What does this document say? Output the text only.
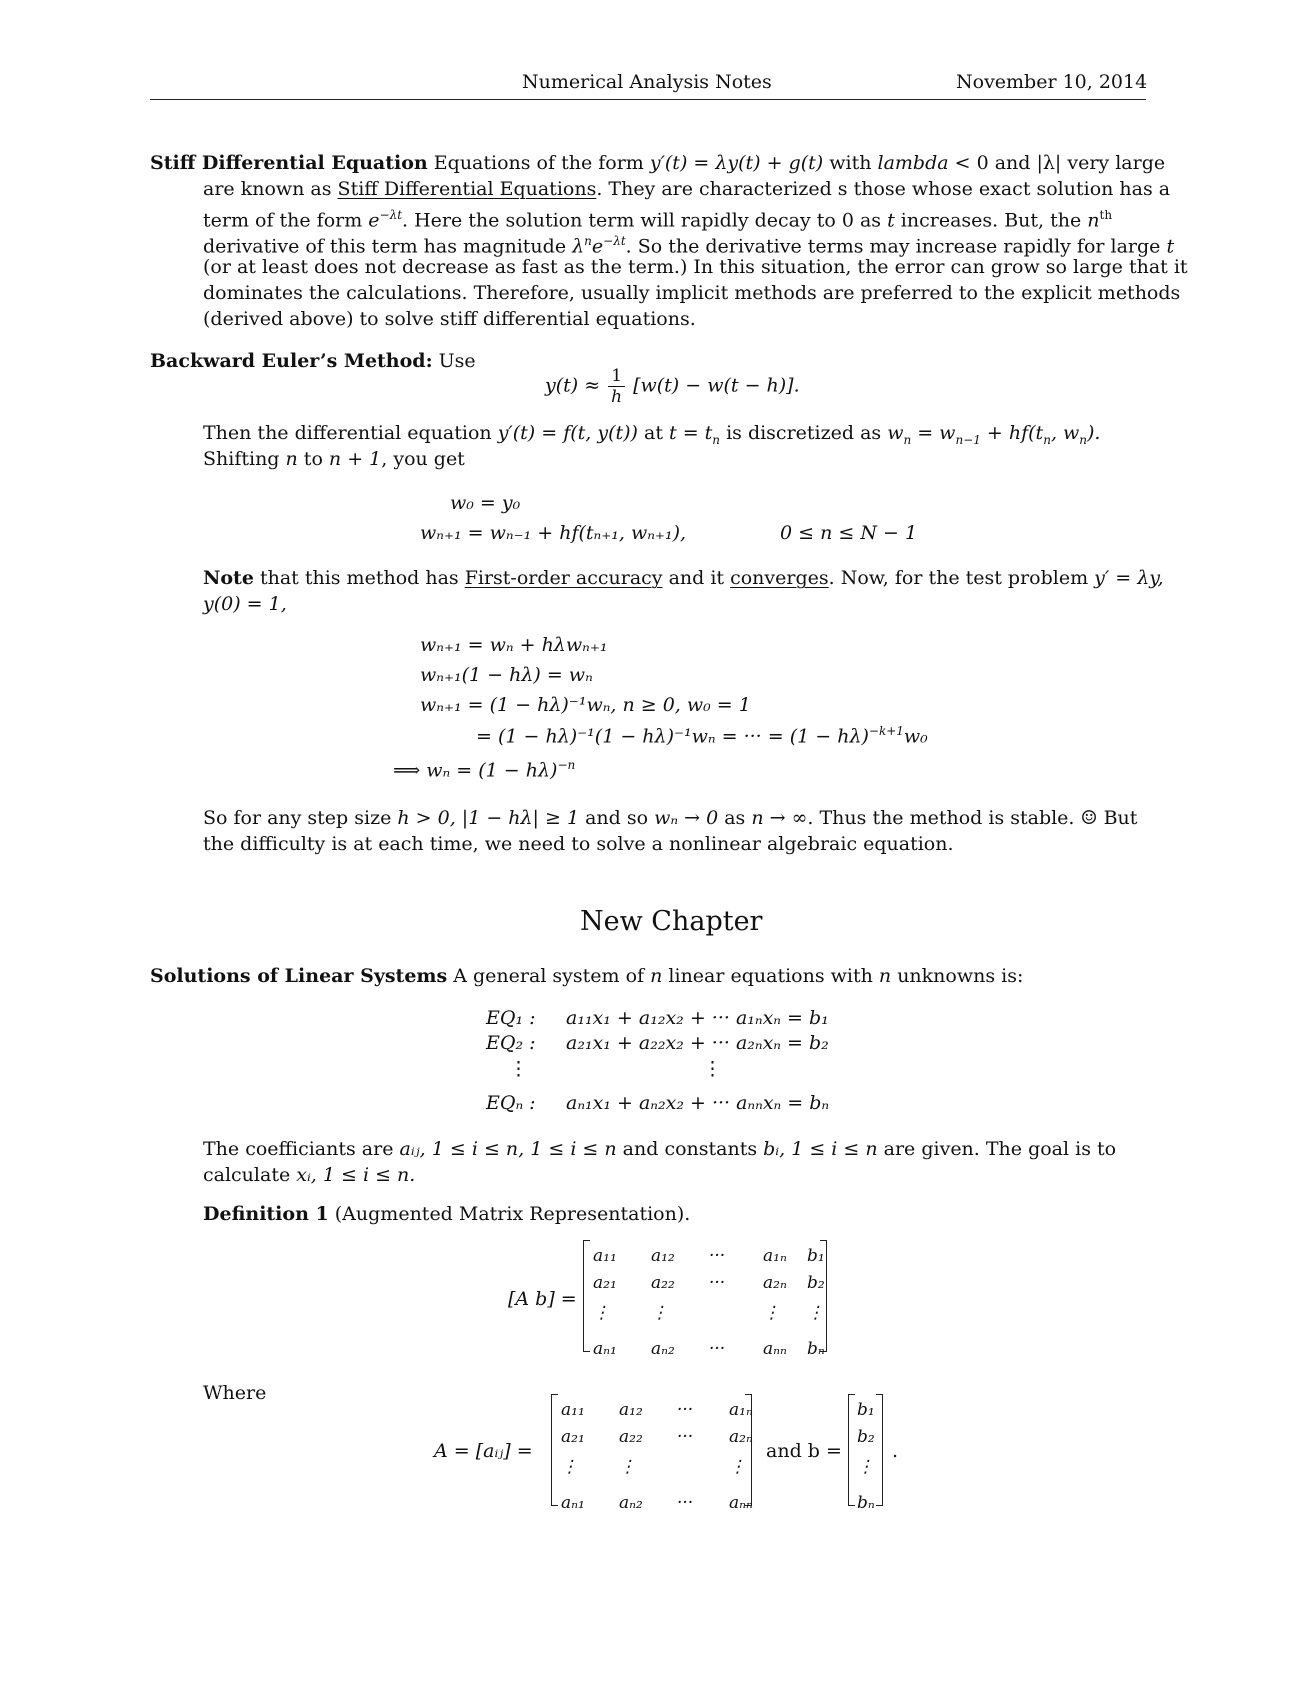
Numerical Analysis Notes	November 10, 2014
Stiff Differential Equation Equations of the form y′(t) = λy(t) + g(t) with lambda < 0 and |λ| very large
are known as Stiff Differential Equations. They are characterized s those whose exact solution has a
term of the form $e^{-\lambda t}$. Here the solution term will rapidly decay to 0 as t increases. But, the $n^{th}$
derivative of this term has magnitude $\lambda^ne^{-\lambda t}$. So the derivative terms may increase rapidly for large t
(or at least does not decrease as fast as the term.) In this situation, the error can grow so large that it
dominates the calculations. Therefore, usually implicit methods are preferred to the explicit methods
(derived above) to solve stiff differential equations.
Backward Euler’s Method: Use
$y(t) \approx \frac{1}{h} [w(t) - w(t - h)]$.
Then the differential equation y′(t) = f(t, y(t)) at $t = t_n$ is discretized as $w_n = w_{n-1} + hf(t_n$, $w_n$).
Shifting n to n + 1, you get
w₀ = y₀
wₙ₊₁ = wₙ₋₁ + hf(tₙ₊₁, wₙ₊₁),	0 ≤ n ≤ N − 1
Note that this method has First-order accuracy and it converges. Now, for the test problem y′ = λy,
y(0) = 1,
wₙ₊₁ = wₙ + hλwₙ₊₁
wₙ₊₁(1 − hλ) = wₙ
wₙ₊₁ = (1 − hλ)⁻¹wₙ, n ≥ 0, w₀ = 1
= (1 − hλ)⁻¹(1 − hλ)⁻¹wₙ = ··· = $(1 - h\lambda)^{-k+1}w_0$
⟹ $w_n = (1 - h\lambda)^{-n}$
So for any step size h > 0, |1 − hλ| ≥ 1 and so wₙ → 0 as n → ∞. Thus the method is stable. ☺ But
the difficulty is at each time, we need to solve a nonlinear algebraic equation.
New Chapter
Solutions of Linear Systems A general system of n linear equations with n unknowns is:
EQ₁ : a₁₁x₁ + a₁₂x₂ + ··· a₁ₙxₙ = b₁
EQ₂ : a₂₁x₁ + a₂₂x₂ + ··· a₂ₙxₙ = b₂
⋮	⋮
EQₙ : aₙ₁x₁ + aₙ₂x₂ + ··· aₙₙxₙ = bₙ
The coefficiants are aᵢⱼ, 1 ≤ i ≤ n, 1 ≤ i ≤ n and constants bᵢ, 1 ≤ i ≤ n are given. The goal is to
calculate xᵢ, 1 ≤ i ≤ n.
Definition 1 (Augmented Matrix Representation).
[A b] =
a₁₁ a₁₂ ··· a₁ₙ b₁
a₂₁ a₂₂ ··· a₂ₙ b₂
⋮ ⋮	⋮ ⋮
aₙ₁ aₙ₂ ··· aₙₙ bₙ
Where
A = [aᵢⱼ] =
a₁₁ a₁₂ ··· a₁ₙ
a₂₁ a₂₂ ··· a₂ₙ
⋮ ⋮	⋮
aₙ₁ aₙ₂ ··· aₙₙ
and b =
b₁
b₂
⋮
bₙ
.
